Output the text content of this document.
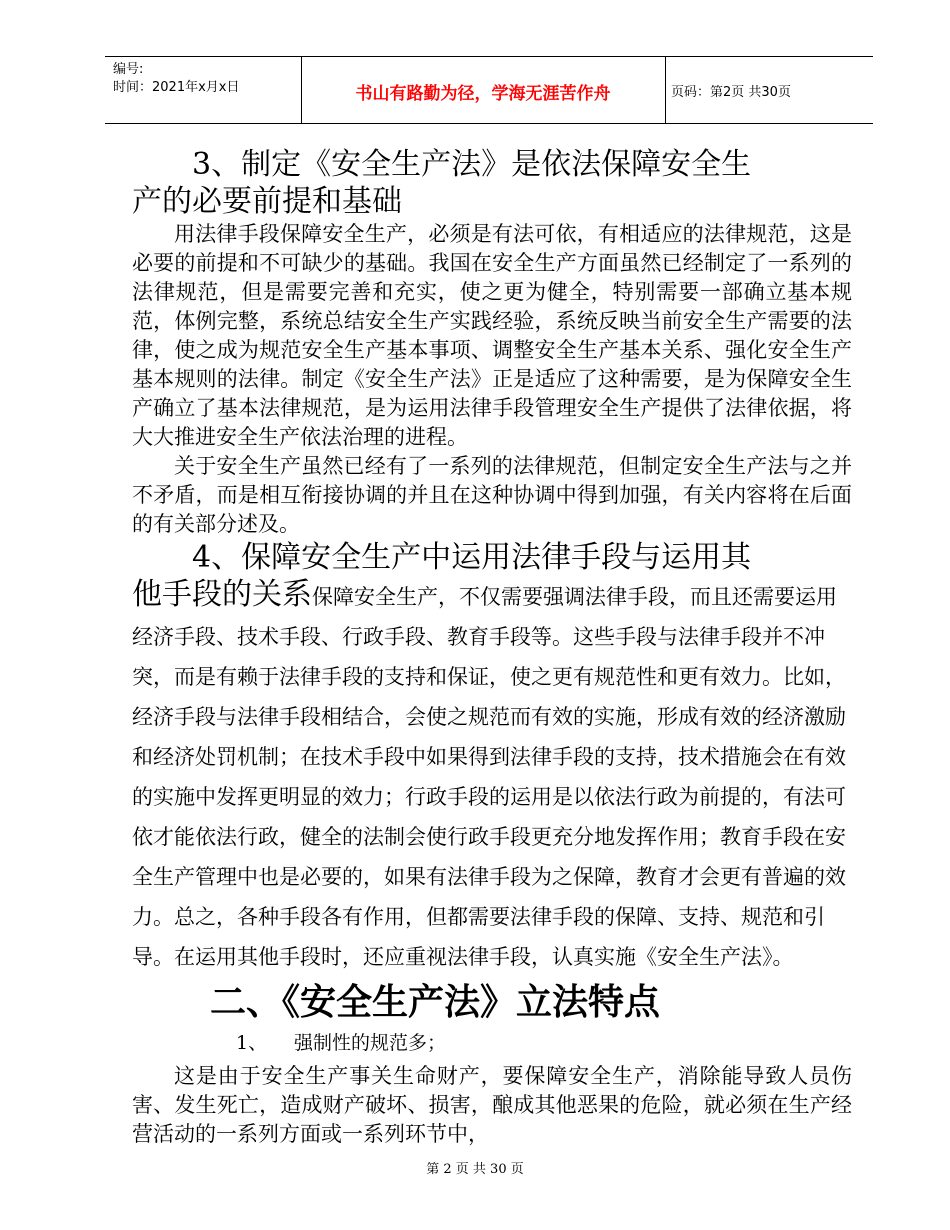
编号:
时间：2021年x月x日	书山有路勤为径，学海无涯苦作舟	页码：第2页 共30页
3、制定《安全生产法》是依法保障安全生
产的必要前提和基础

用法律手段保障安全生产，必须是有法可依，有相适应的法律规范，这是必要的前提和不可缺少的基础。我国在安全生产方面虽然已经制定了一系列的法律规范，但是需要完善和充实，使之更为健全，特别需要一部确立基本规范，体例完整，系统总结安全生产实践经验，系统反映当前安全生产需要的法律，使之成为规范安全生产基本事项、调整安全生产基本关系、强化安全生产基本规则的法律。制定《安全生产法》正是适应了这种需要，是为保障安全生产确立了基本法律规范，是为运用法律手段管理安全生产提供了法律依据，将大大推进安全生产依法治理的进程。

关于安全生产虽然已经有了一系列的法律规范，但制定安全生产法与之并不矛盾，而是相互衔接协调的并且在这种协调中得到加强，有关内容将在后面的有关部分述及。

4、保障安全生产中运用法律手段与运用其
他手段的关系保障安全生产，不仅需要强调法律手段，而且还需要运用经济手段、技术手段、行政手段、教育手段等。这些手段与法律手段并不冲突，而是有赖于法律手段的支持和保证，使之更有规范性和更有效力。比如，经济手段与法律手段相结合，会使之规范而有效的实施，形成有效的经济激励和经济处罚机制；在技术手段中如果得到法律手段的支持，技术措施会在有效的实施中发挥更明显的效力；行政手段的运用是以依法行政为前提的，有法可依才能依法行政，健全的法制会使行政手段更充分地发挥作用；教育手段在安全生产管理中也是必要的，如果有法律手段为之保障，教育才会更有普遍的效力。总之，各种手段各有作用，但都需要法律手段的保障、支持、规范和引导。在运用其他手段时，还应重视法律手段，认真实施《安全生产法》。
二、《安全生产法》立法特点
1、 强制性的规范多；

这是由于安全生产事关生命财产，要保障安全生产，消除能导致人员伤害、发生死亡，造成财产破坏、损害，酿成其他恶果的危险，就必须在生产经营活动的一系列方面或一系列环节中，

第 2 页 共 30 页
